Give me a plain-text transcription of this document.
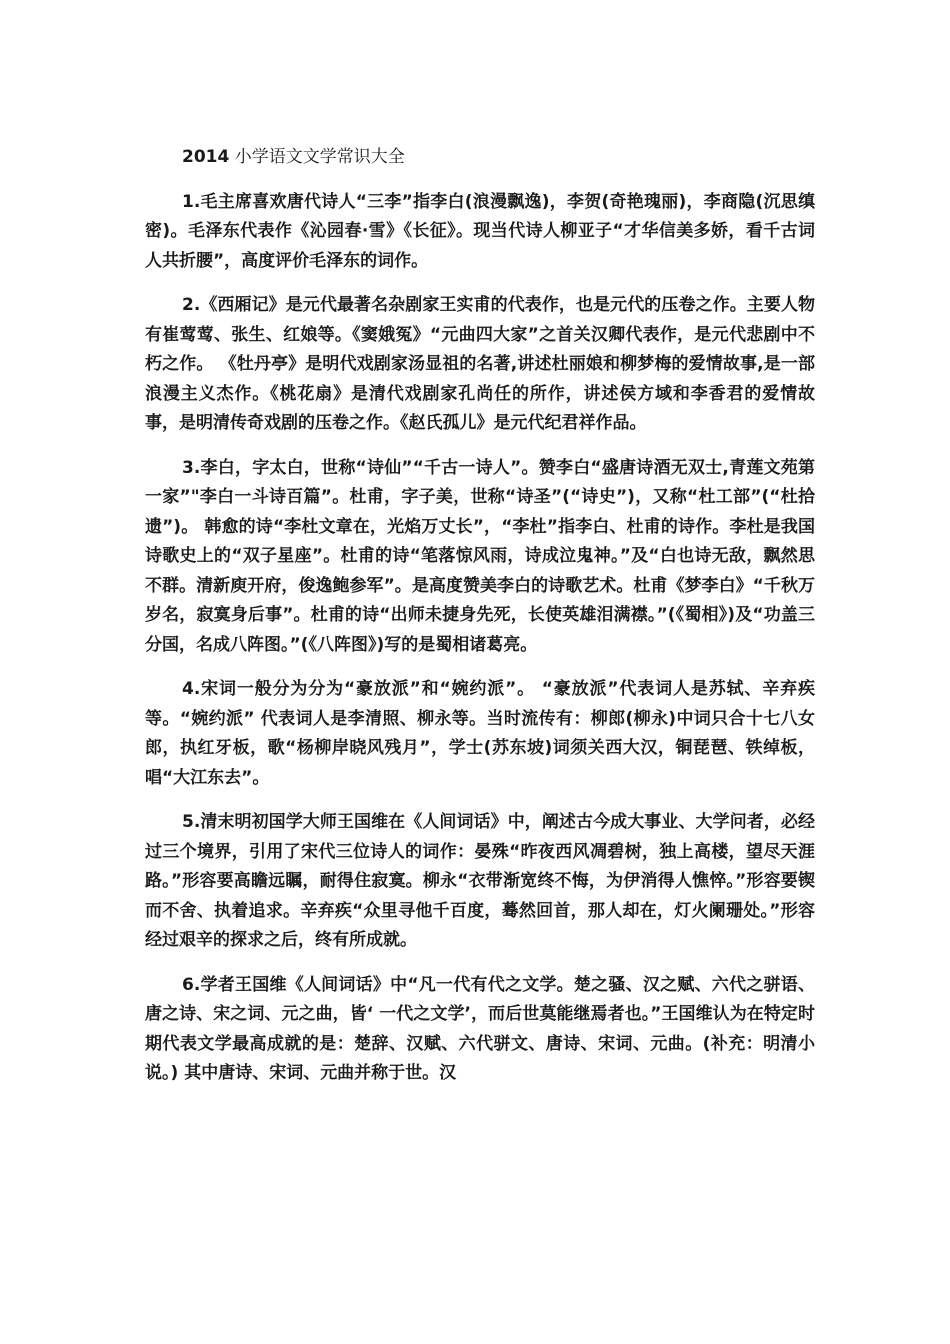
2014 小学语文文学常识大全

1.毛主席喜欢唐代诗人“三李”指李白(浪漫飘逸)，李贺(奇艳瑰丽)，李商隐(沉思缜密)。毛泽东代表作《沁园春·雪》《长征》。现当代诗人柳亚子“才华信美多娇，看千古词人共折腰”，高度评价毛泽东的词作。

2.《西厢记》是元代最著名杂剧家王实甫的代表作，也是元代的压卷之作。主要人物有崔莺莺、张生、红娘等。《窦娥冤》“元曲四大家”之首关汉卿代表作，是元代悲剧中不朽之作。 《牡丹亭》是明代戏剧家汤显祖的名著,讲述杜丽娘和柳梦梅的爱情故事,是一部浪漫主义杰作。《桃花扇》是清代戏剧家孔尚任的所作，讲述侯方域和李香君的爱情故事，是明清传奇戏剧的压卷之作。《赵氏孤儿》是元代纪君祥作品。

3.李白，字太白，世称“诗仙”“千古一诗人”。赞李白“盛唐诗酒无双士,青莲文苑第一家”"李白一斗诗百篇”。杜甫，字子美，世称“诗圣”(“诗史”)，又称“杜工部”(“杜拾遗”)。 韩愈的诗“李杜文章在，光焰万丈长”，“李杜”指李白、杜甫的诗作。李杜是我国诗歌史上的“双子星座”。杜甫的诗“笔落惊风雨，诗成泣鬼神。”及“白也诗无敌，飘然思不群。清新庾开府，俊逸鲍参军”。是高度赞美李白的诗歌艺术。杜甫《梦李白》“千秋万岁名，寂寞身后事”。杜甫的诗“出师未捷身先死，长使英雄泪满襟。”(《蜀相》)及“功盖三分国，名成八阵图。”(《八阵图》)写的是蜀相诸葛亮。

4.宋词一般分为分为“豪放派”和“婉约派”。 “豪放派”代表词人是苏轼、辛弃疾等。“婉约派” 代表词人是李清照、柳永等。当时流传有：柳郎(柳永)中词只合十七八女郎，执红牙板，歌“杨柳岸晓风残月”，学士(苏东坡)词须关西大汉，铜琵琶、铁绰板，唱“大江东去”。

5.清末明初国学大师王国维在《人间词话》中，阐述古今成大事业、大学问者，必经过三个境界，引用了宋代三位诗人的词作：晏殊“昨夜西风凋碧树，独上高楼，望尽天涯路。”形容要高瞻远瞩，耐得住寂寞。柳永“衣带渐宽终不悔，为伊消得人憔悴。”形容要锲而不舍、执着追求。辛弃疾“众里寻他千百度，蓦然回首，那人却在，灯火阑珊处。”形容经过艰辛的探求之后，终有所成就。

6.学者王国维《人间词话》中“凡一代有代之文学。楚之骚、汉之赋、六代之骈语、唐之诗、宋之词、元之曲，皆‘ 一代之文学’，而后世莫能继焉者也。”王国维认为在特定时期代表文学最高成就的是：楚辞、汉赋、六代骈文、唐诗、宋词、元曲。(补充：明清小说。) 其中唐诗、宋词、元曲并称于世。汉
